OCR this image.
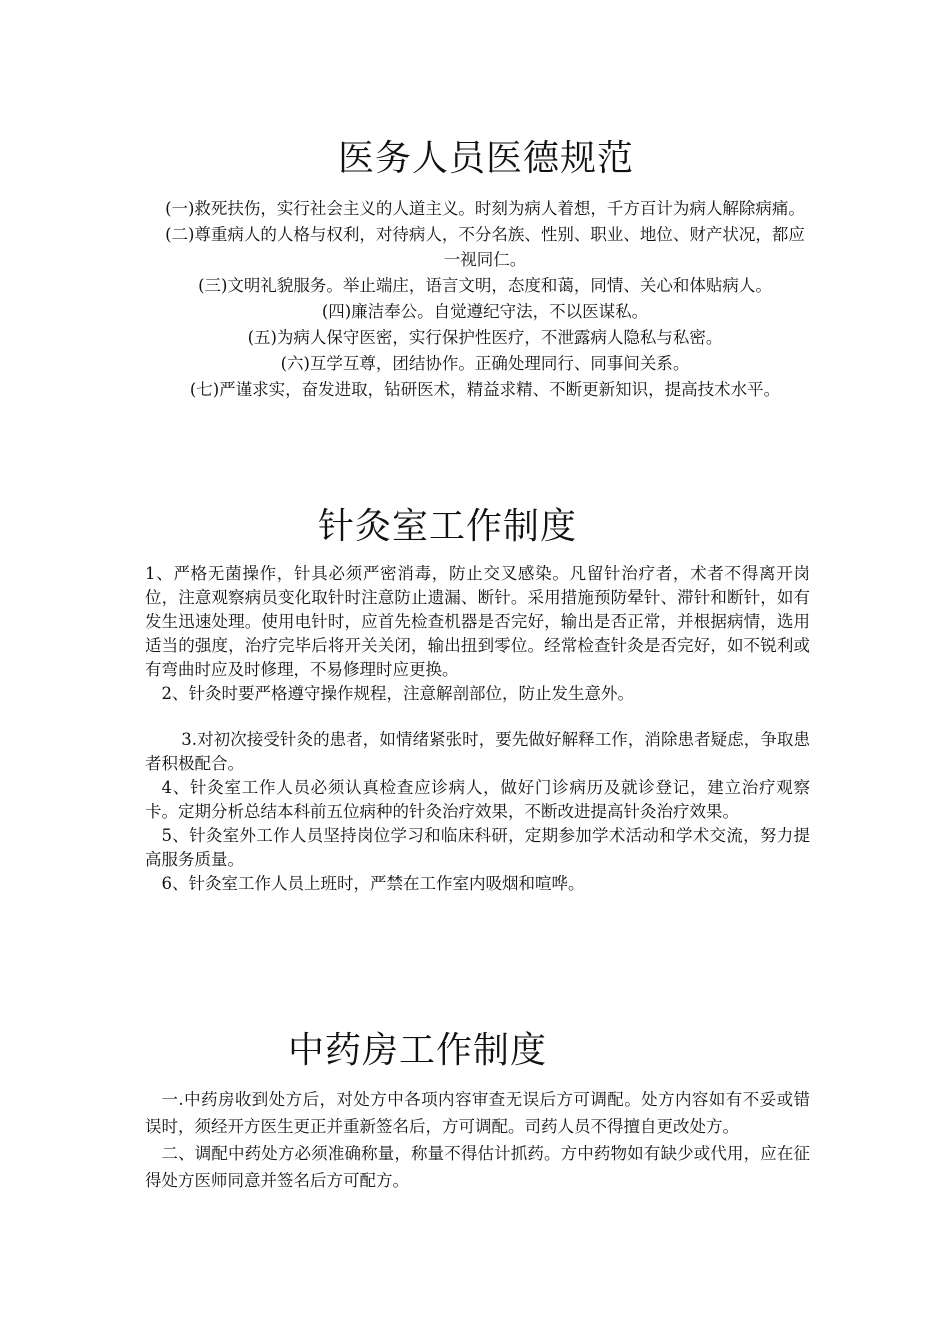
医务人员医德规范

(一)救死扶伤，实行社会主义的人道主义。时刻为病人着想，千方百计为病人解除病痛。

(二)尊重病人的人格与权利，对待病人，不分名族、性别、职业、地位、财产状况，都应一视同仁。

(三)文明礼貌服务。举止端庄，语言文明，态度和蔼，同情、关心和体贴病人。

(四)廉洁奉公。自觉遵纪守法，不以医谋私。

(五)为病人保守医密，实行保护性医疗，不泄露病人隐私与私密。

(六)互学互尊，团结协作。正确处理同行、同事间关系。

(七)严谨求实，奋发进取，钻研医术，精益求精、不断更新知识，提高技术水平。

针灸室工作制度

1、严格无菌操作，针具必须严密消毒，防止交叉感染。凡留针治疗者，术者不得离开岗位，注意观察病员变化取针时注意防止遗漏、断针。采用措施预防晕针、滞针和断针，如有发生迅速处理。使用电针时，应首先检查机器是否完好，输出是否正常，并根据病情，选用适当的强度，治疗完毕后将开关关闭，输出扭到零位。经常检查针灸是否完好，如不锐利或有弯曲时应及时修理，不易修理时应更换。

2、针灸时要严格遵守操作规程，注意解剖部位，防止发生意外。

3.对初次接受针灸的患者，如情绪紧张时，要先做好解释工作，消除患者疑虑，争取患者积极配合。

4、针灸室工作人员必须认真检查应诊病人，做好门诊病历及就诊登记，建立治疗观察卡。定期分析总结本科前五位病种的针灸治疗效果，不断改进提高针灸治疗效果。

5、针灸室外工作人员坚持岗位学习和临床科研，定期参加学术活动和学术交流，努力提高服务质量。

6、针灸室工作人员上班时，严禁在工作室内吸烟和喧哗。

中药房工作制度

一.中药房收到处方后，对处方中各项内容审查无误后方可调配。处方内容如有不妥或错误时，须经开方医生更正并重新签名后，方可调配。司药人员不得擅自更改处方。

二、调配中药处方必须准确称量，称量不得估计抓药。方中药物如有缺少或代用，应在征得处方医师同意并签名后方可配方。
